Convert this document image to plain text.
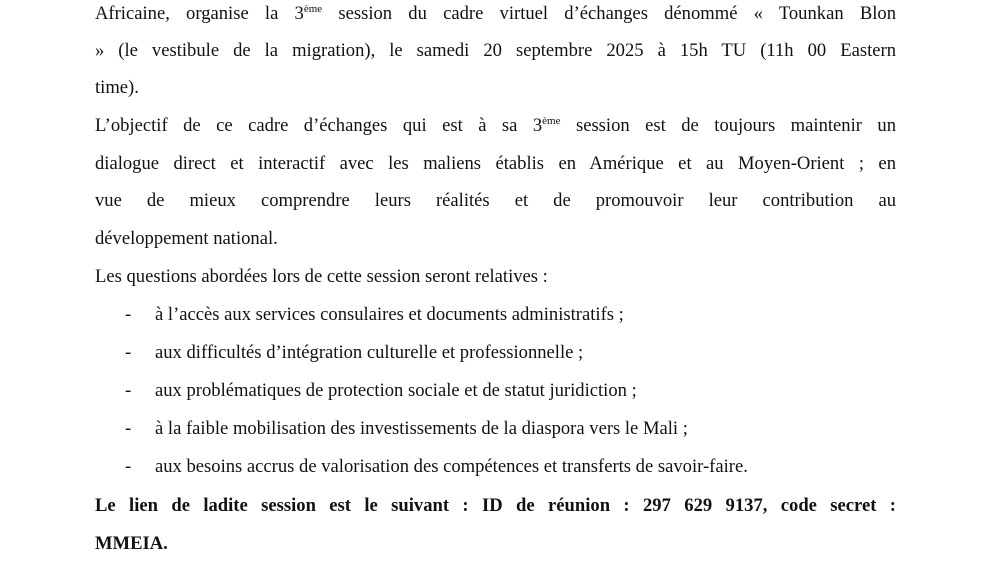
Africaine, organise la 3ème session du cadre virtuel d’échanges dénommé « Tounkan Blon
» (le vestibule de la migration), le samedi 20 septembre 2025 à 15h TU (11h 00 Eastern
time).
L’objectif de ce cadre d’échanges qui est à sa 3ème session est de toujours maintenir un
dialogue direct et interactif avec les maliens établis en Amérique et au Moyen-Orient ; en
vue de mieux comprendre leurs réalités et de promouvoir leur contribution au
développement national.
Les questions abordées lors de cette session seront relatives :
- à l’accès aux services consulaires et documents administratifs ;
- aux difficultés d’intégration culturelle et professionnelle ;
- aux problématiques de protection sociale et de statut juridiction ;
- à la faible mobilisation des investissements de la diaspora vers le Mali ;
- aux besoins accrus de valorisation des compétences et transferts de savoir-faire.
Le lien de ladite session est le suivant : ID de réunion : 297 629 9137, code secret :
MMEIA.
